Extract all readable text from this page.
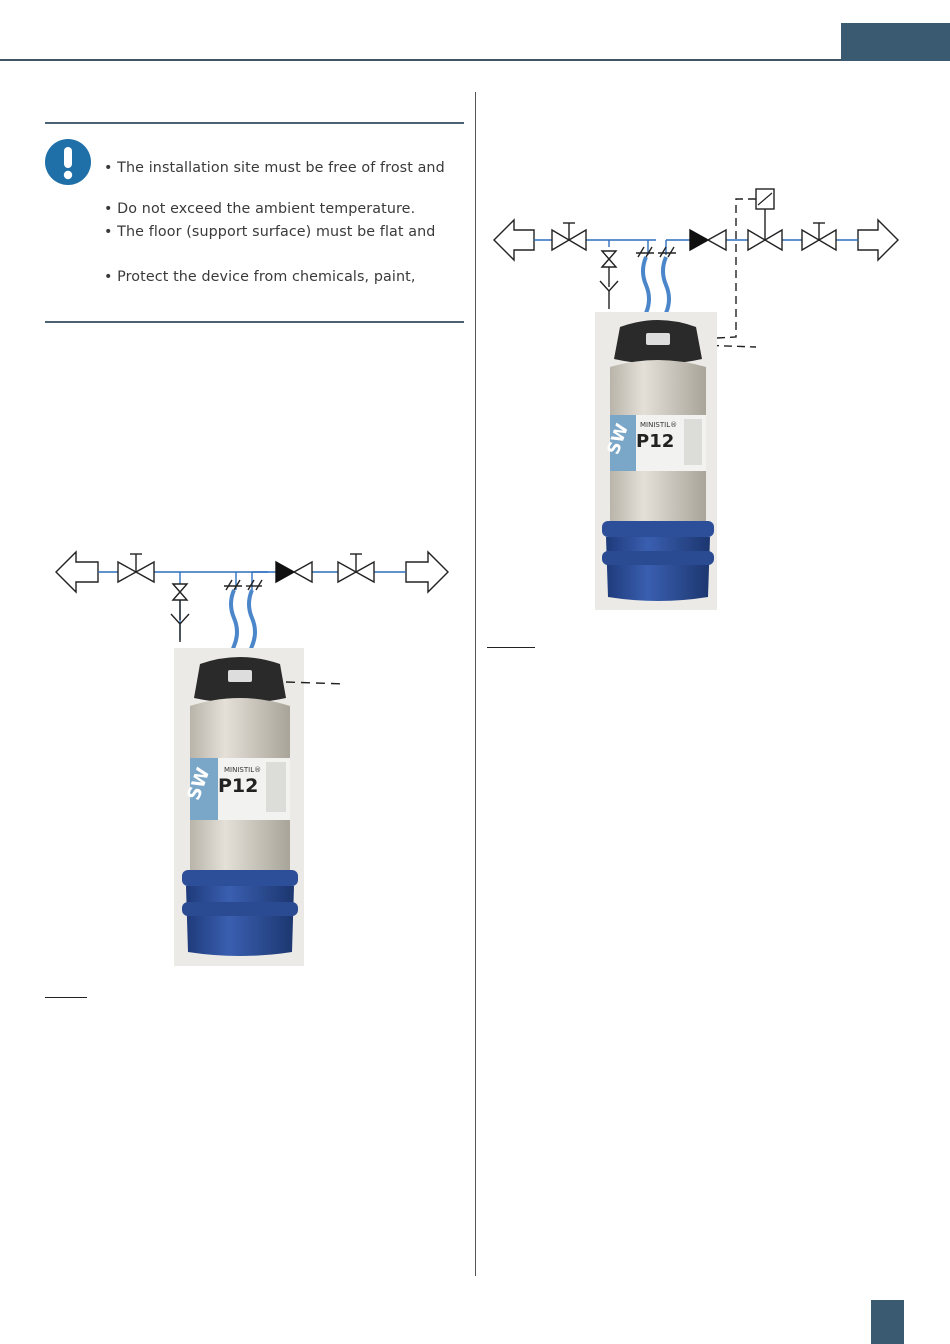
• The installation site must be free of frost and
• Do not exceed the ambient temperature.
• The floor (support surface) must be flat and
• Protect the device from chemicals, paint,
SW MINISTIL®
P12
SW MINISTIL®
P12
